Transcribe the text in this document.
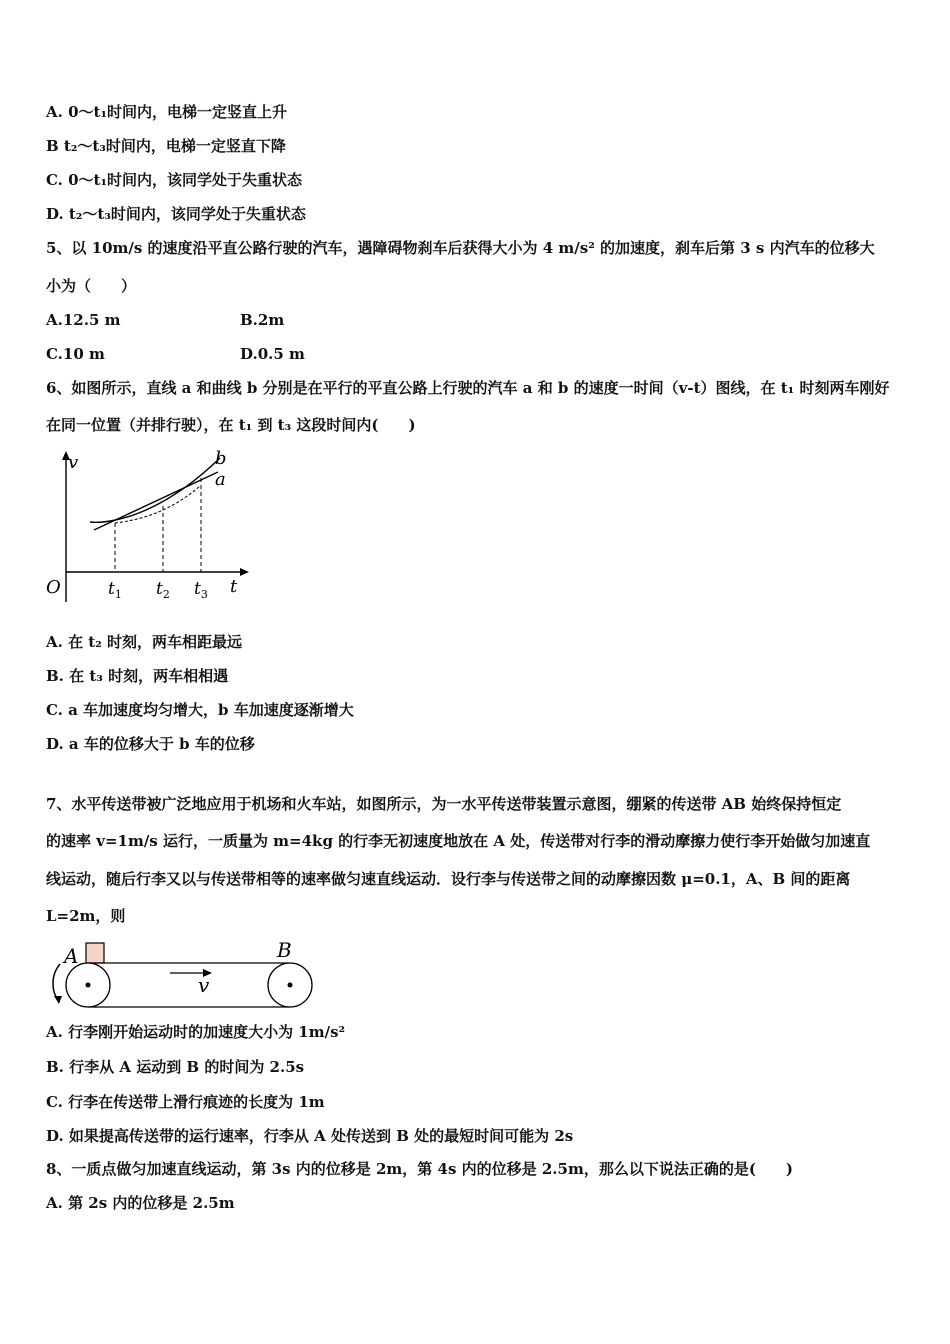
A. 0～t₁时间内，电梯一定竖直上升
B t₂～t₃时间内，电梯一定竖直下降
C. 0～t₁时间内，该同学处于失重状态
D. t₂～t₃时间内，该同学处于失重状态
5、以 10m/s 的速度沿平直公路行驶的汽车，遇障碍物刹车后获得大小为 4 m/s² 的加速度，刹车后第 3 s 内汽车的位移大
小为（　　）
A.12.5 m	B.2m
C.10 m	D.0.5 m
6、如图所示，直线 a 和曲线 b 分别是在平行的平直公路上行驶的汽车 a 和 b 的速度一时间（v-t）图线，在 t₁ 时刻两车刚好
在同一位置（并排行驶），在 t₁ 到 t₃ 这段时间内(　　)
v	b
a
O	t
$t_1$ $t_2$ $t_3$
A. 在 t₂ 时刻，两车相距最远
B. 在 t₃ 时刻，两车相相遇
C. a 车加速度均匀增大，b 车加速度逐渐增大
D. a 车的位移大于 b 车的位移
7、水平传送带被广泛地应用于机场和火车站，如图所示，为一水平传送带装置示意图，绷紧的传送带 AB 始终保持恒定
的速率 v=1m/s 运行，一质量为 m=4kg 的行李无初速度地放在 A 处，传送带对行李的滑动摩擦力使行李开始做匀加速直
线运动，随后行李又以与传送带相等的速率做匀速直线运动．设行李与传送带之间的动摩擦因数 μ=0.1，A、B 间的距离
L=2m，则
A	B
v
A. 行李刚开始运动时的加速度大小为 1m/s²
B. 行李从 A 运动到 B 的时间为 2.5s
C. 行李在传送带上滑行痕迹的长度为 1m
D. 如果提高传送带的运行速率，行李从 A 处传送到 B 处的最短时间可能为 2s
8、一质点做匀加速直线运动，第 3s 内的位移是 2m，第 4s 内的位移是 2.5m，那么以下说法正确的是(　　)
A. 第 2s 内的位移是 2.5m
